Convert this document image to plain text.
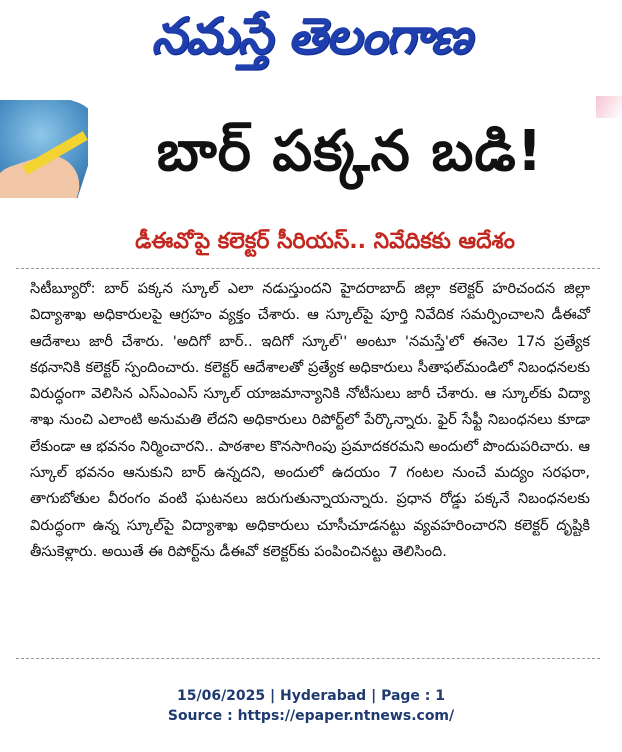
నమస్తే తెలంగాణ
బార్ పక్కన బడి!
డీఈవోపై కలెక్టర్ సీరియస్.. నివేదికకు ఆదేశం

సిటీబ్యూరో: బార్ పక్కన స్కూల్ ఎలా నడుస్తుందని హైదరాబాద్ జిల్లా కలెక్టర్ హరిచందన జిల్లా విద్యాశాఖ అధికారులపై ఆగ్రహం వ్యక్తం చేశారు. ఆ స్కూల్‌పై పూర్తి నివేదిక సమర్పించాలని డీఈవో ఆదేశాలు జారీ చేశారు. 'అదిగో బార్.. ఇదిగో స్కూల్'' అంటూ 'నమస్తే'లో ఈనెల 17న ప్రత్యేక కథనానికి కలెక్టర్ స్పందించారు. కలెక్టర్ ఆదేశాలతో ప్రత్యేక అధికారులు సీతాఫల్‌మండిలో నిబంధనలకు విరుద్ధంగా వెలిసిన ఎస్ఎంఎస్ స్కూల్ యాజమాన్యానికి నోటీసులు జారీ చేశారు. ఆ స్కూల్‌కు విద్యా శాఖ నుంచి ఎలాంటి అనుమతి లేదని అధికారులు రిపోర్ట్‌లో పేర్కొన్నారు. ఫైర్ సేఫ్టీ నిబంధనలు కూడా లేకుండా ఆ భవనం నిర్మించారని.. పాఠశాల కొనసాగింపు ప్రమాదకరమని అందులో పొందుపరిచారు. ఆ స్కూల్ భవనం ఆనుకుని బార్ ఉన్నదని, అందులో ఉదయం 7 గంటల నుంచే మద్యం సరఫరా, తాగుబోతుల వీరంగం వంటి ఘటనలు జరుగుతున్నాయన్నారు. ప్రధాన రోడ్డు పక్కనే నిబంధనలకు విరుద్ధంగా ఉన్న స్కూల్‌పై విద్యాశాఖ అధికారులు చూసీచూడనట్టు వ్యవహరించారని కలెక్టర్ దృష్టికి తీసుకెళ్లారు. అయితే ఈ రిపోర్ట్‌ను డీఈవో కలెక్టర్‌కు పంపించినట్టు తెలిసింది.

15/06/2025 | Hyderabad | Page : 1
Source : https://epaper.ntnews.com/
